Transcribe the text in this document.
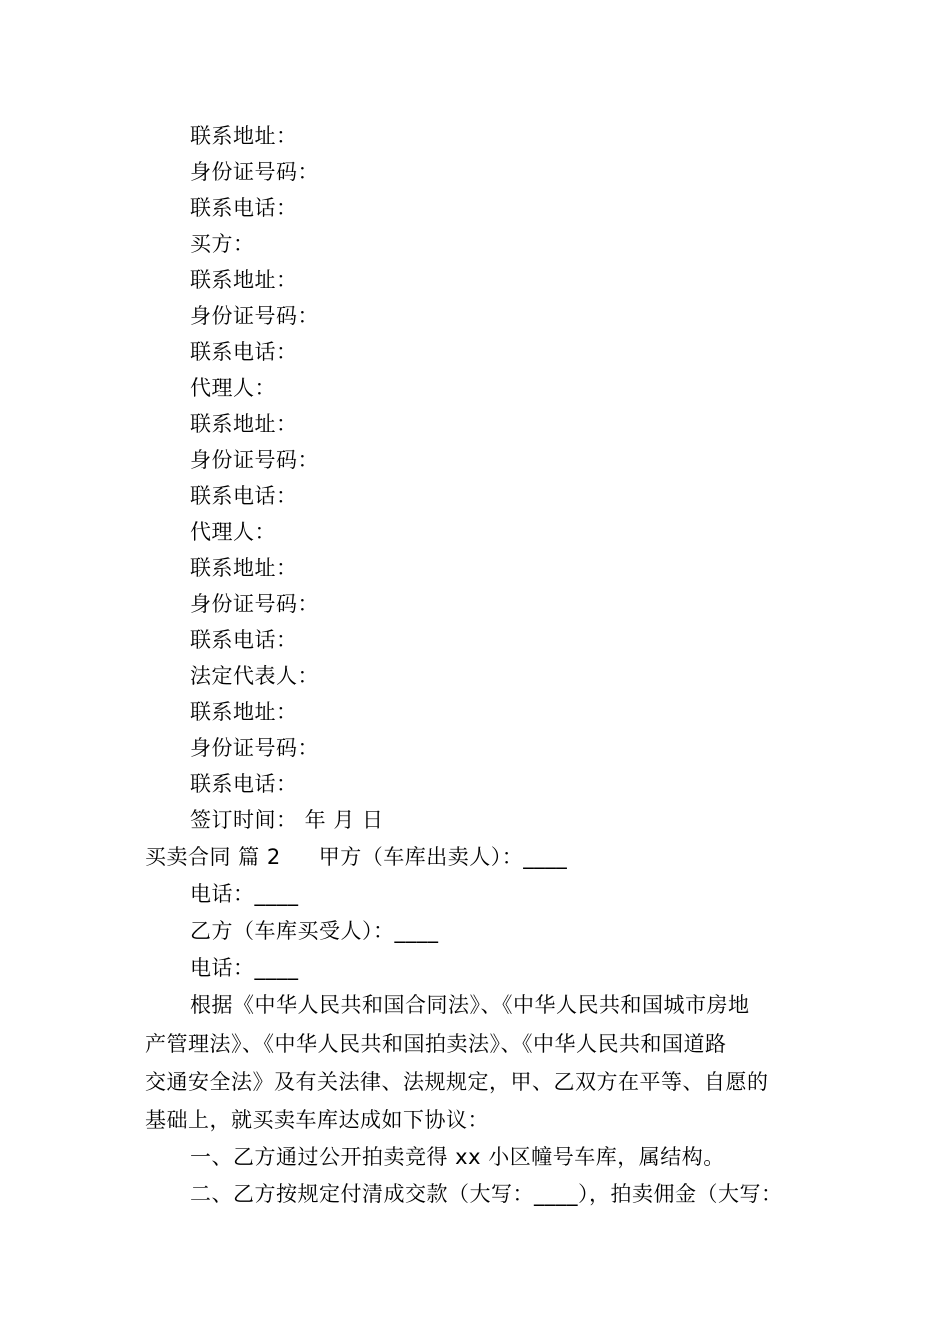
联系地址：
身份证号码：
联系电话：
买方：
联系地址：
身份证号码：
联系电话：
代理人：
联系地址：
身份证号码：
联系电话：
代理人：
联系地址：
身份证号码：
联系电话：
法定代表人：
联系地址：
身份证号码：
联系电话：
签订时间： 年 月 日
买卖合同 篇 2 甲方（车库出卖人）：____
电话：____
乙方（车库买受人）：____
电话：____
根据《中华人民共和国合同法》、《中华人民共和国城市房地
产管理法》、《中华人民共和国拍卖法》、《中华人民共和国道路
交通安全法》及有关法律、法规规定，甲、乙双方在平等、自愿的
基础上，就买卖车库达成如下协议：
一、乙方通过公开拍卖竞得 xx 小区幢号车库，属结构。
二、乙方按规定付清成交款（大写：____），拍卖佣金（大写：
